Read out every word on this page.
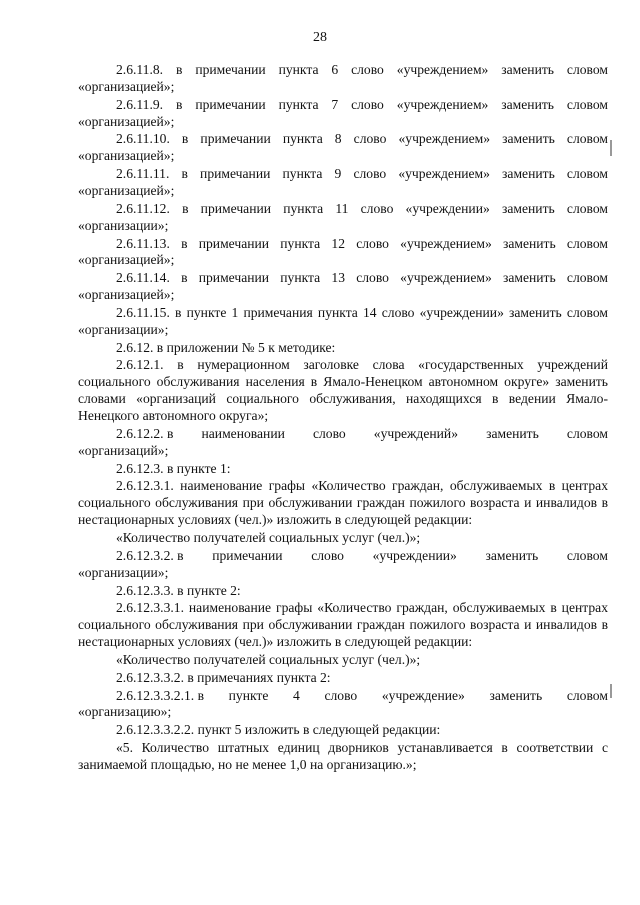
28

2.6.11.8. в примечании пункта 6 слово «учреждением» заменить словом «организацией»;

2.6.11.9. в примечании пункта 7 слово «учреждением» заменить словом «организацией»;

2.6.11.10. в примечании пункта 8 слово «учреждением» заменить словом «организацией»;

2.6.11.11. в примечании пункта 9 слово «учреждением» заменить словом «организацией»;

2.6.11.12. в примечании пункта 11 слово «учреждении» заменить словом «организации»;

2.6.11.13. в примечании пункта 12 слово «учреждением» заменить словом «организацией»;

2.6.11.14. в примечании пункта 13 слово «учреждением» заменить словом «организацией»;

2.6.11.15. в пункте 1 примечания пункта 14 слово «учреждении» заменить словом «организации»;

2.6.12. в приложении № 5 к методике:

2.6.12.1. в нумерационном заголовке слова «государственных учреждений социального обслуживания населения в Ямало-Ненецком автономном округе» заменить словами «организаций социального обслуживания, находящихся в ведении Ямало-Ненецкого автономного округа»;

2.6.12.2. в наименовании слово «учреждений» заменить словом
«организаций»;

2.6.12.3. в пункте 1:

2.6.12.3.1. наименование графы «Количество граждан, обслуживаемых в центрах социального обслуживания при обслуживании граждан пожилого возраста и инвалидов в нестационарных условиях (чел.)» изложить в следующей редакции:

«Количество получателей социальных услуг (чел.)»;

2.6.12.3.2. в примечании слово «учреждении» заменить словом
«организации»;

2.6.12.3.3. в пункте 2:

2.6.12.3.3.1. наименование графы «Количество граждан, обслуживаемых в центрах социального обслуживания при обслуживании граждан пожилого возраста и инвалидов в нестационарных условиях (чел.)» изложить в следующей редакции:

«Количество получателей социальных услуг (чел.)»;

2.6.12.3.3.2. в примечаниях пункта 2:

2.6.12.3.3.2.1. в пункте 4 слово «учреждение» заменить словом
«организацию»;

2.6.12.3.3.2.2. пункт 5 изложить в следующей редакции:

«5. Количество штатных единиц дворников устанавливается в соответствии с занимаемой площадью, но не менее 1,0 на организацию.»;
